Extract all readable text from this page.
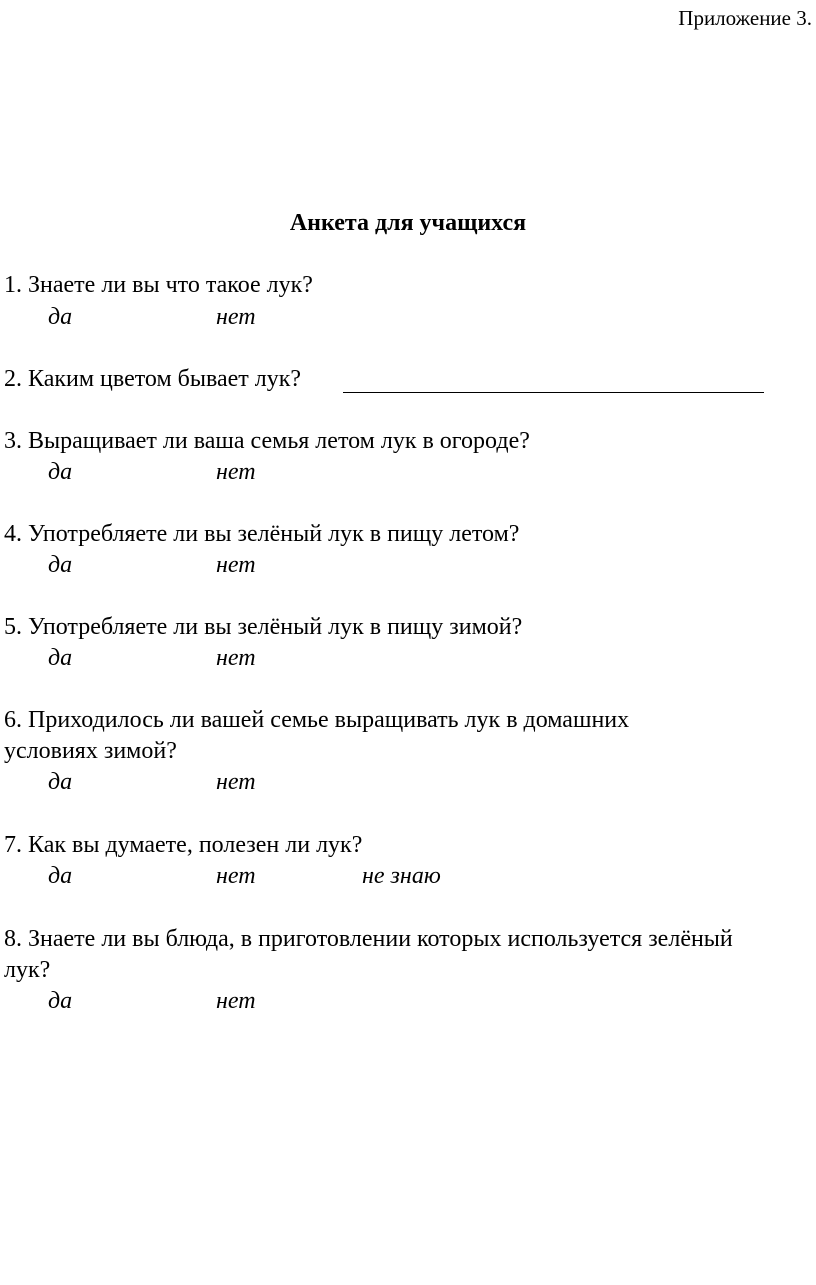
Приложение 3.
Анкета для учащихся
1. Знаете ли вы что такое лук?
да	нет
2. Каким цветом бывает лук?
3. Выращивает ли ваша семья летом лук в огороде?
да	нет
4. Употребляете ли вы зелёный лук в пищу летом?
да	нет
5. Употребляете ли вы зелёный лук в пищу зимой?
да	нет
6. Приходилось ли вашей семье выращивать лук в домашних условиях зимой?
да	нет
7. Как вы думаете, полезен ли лук?
да	нет	не знаю
8. Знаете ли вы блюда, в приготовлении которых используется зелёный лук?
да	нет
